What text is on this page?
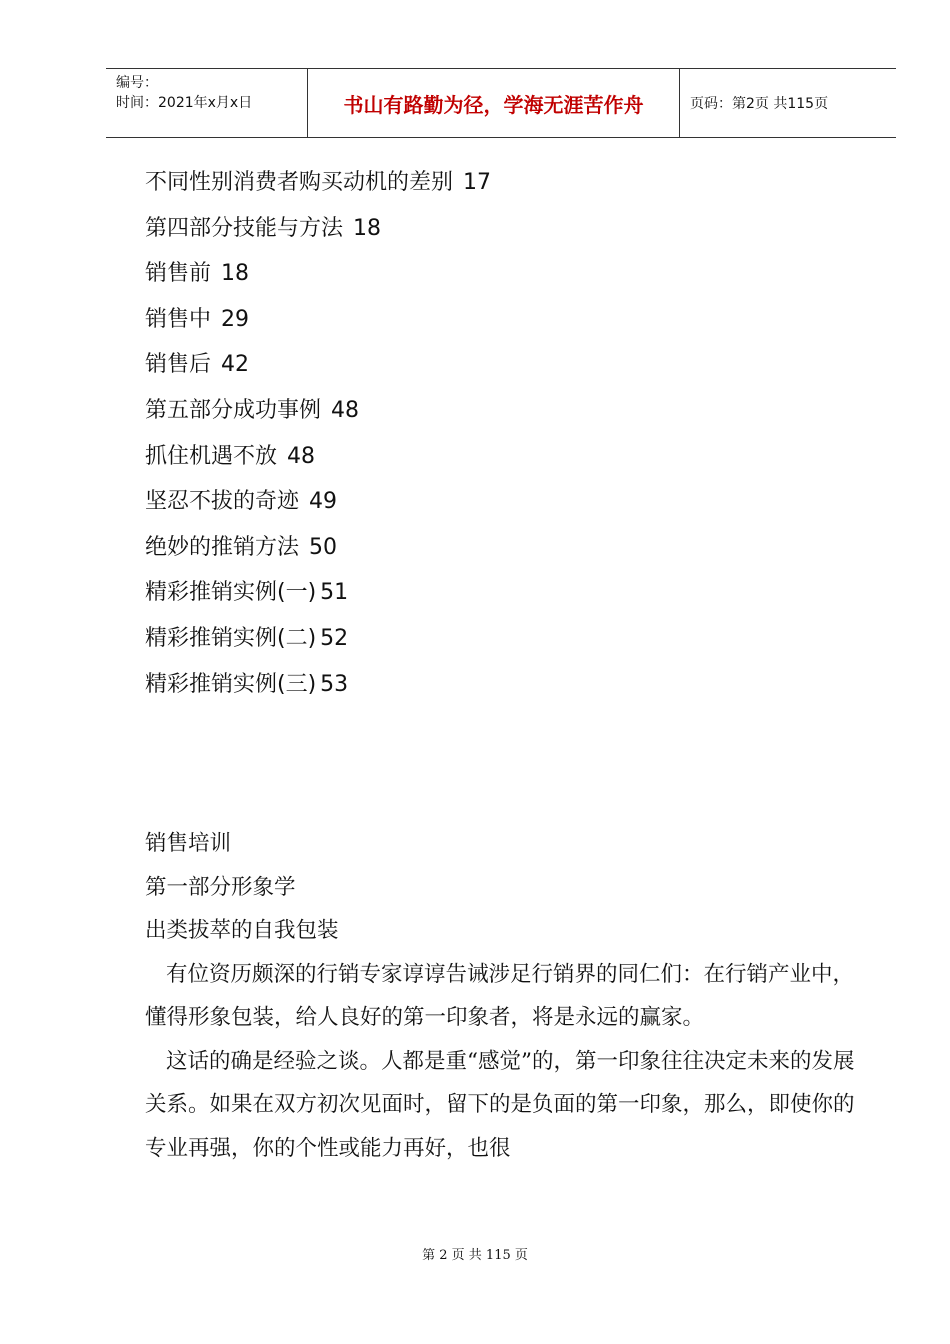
编号：
时间：2021年x月x日	书山有路勤为径，学海无涯苦作舟	页码：第2页 共115页
不同性别消费者购买动机的差别 17
第四部分技能与方法 18
销售前 18
销售中 29
销售后 42
第五部分成功事例 48
抓住机遇不放 48
坚忍不拔的奇迹 49
绝妙的推销方法 50
精彩推销实例(一) 51
精彩推销实例(二) 52
精彩推销实例(三) 53

销售培训

第一部分形象学

出类拔萃的自我包装

有位资历颇深的行销专家谆谆告诫涉足行销界的同仁们：在行销产业中，懂得形象包装，给人良好的第一印象者，将是永远的赢家。

这话的确是经验之谈。人都是重“感觉”的，第一印象往往决定未来的发展关系。如果在双方初次见面时，留下的是负面的第一印象，那么，即使你的专业再强，你的个性或能力再好，也很

第 2 页 共 115 页
